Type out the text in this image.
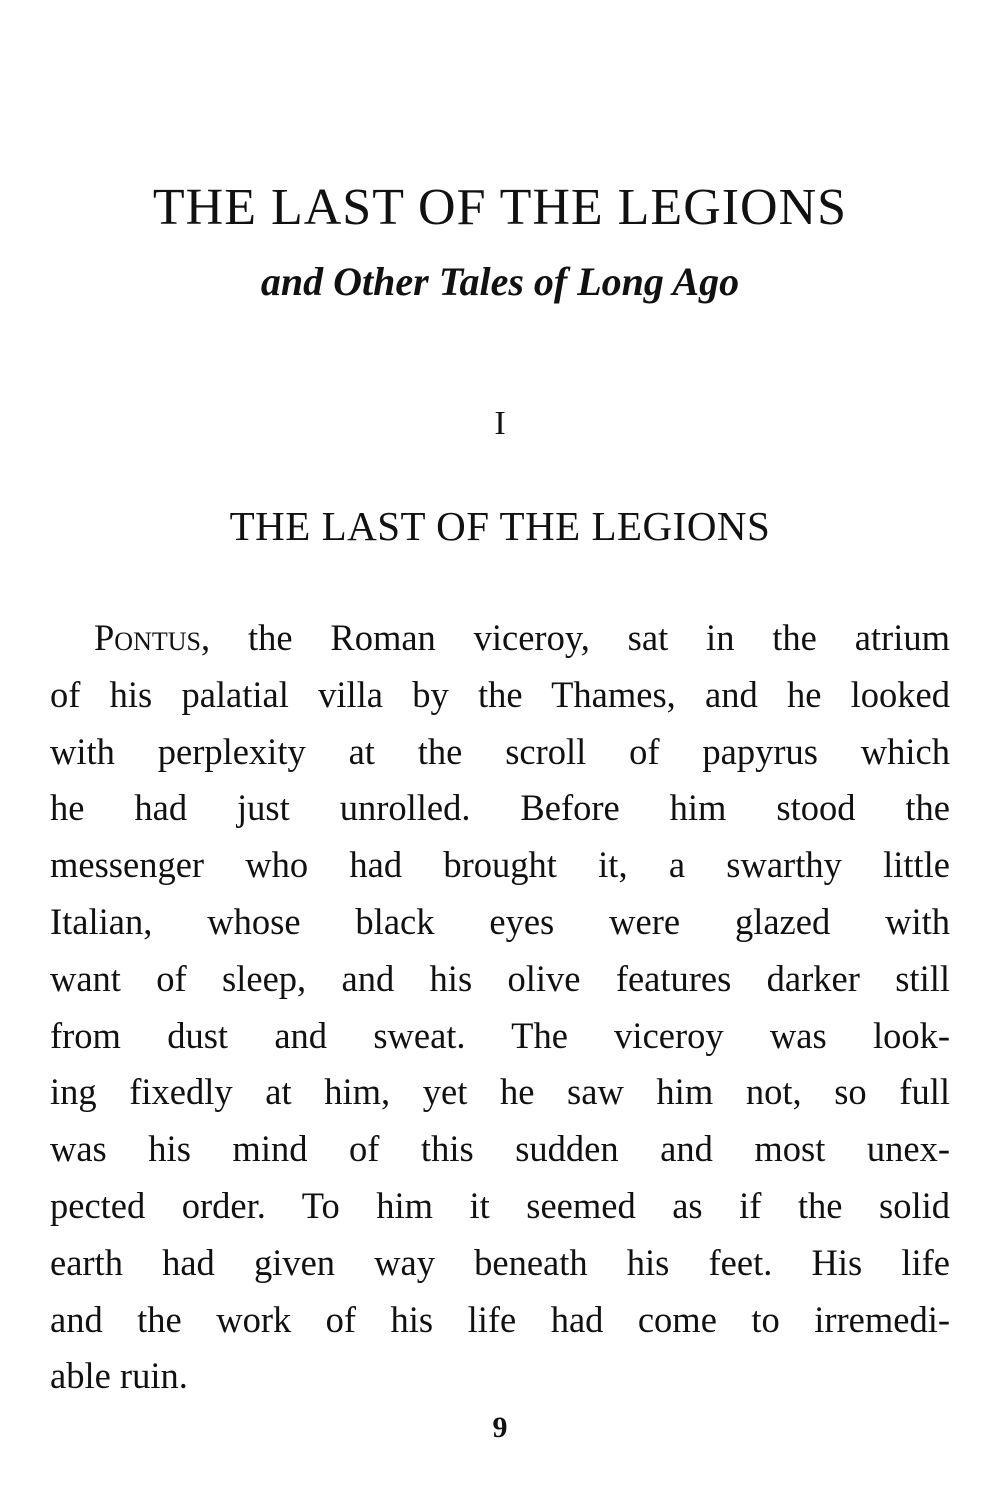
THE LAST OF THE LEGIONS
and Other Tales of Long Ago
I
THE LAST OF THE LEGIONS
Pontus, the Roman viceroy, sat in the atrium
of his palatial villa by the Thames, and he looked
with perplexity at the scroll of papyrus which
he had just unrolled. Before him stood the
messenger who had brought it, a swarthy little
Italian, whose black eyes were glazed with
want of sleep, and his olive features darker still
from dust and sweat. The viceroy was look-
ing fixedly at him, yet he saw him not, so full
was his mind of this sudden and most unex-
pected order. To him it seemed as if the solid
earth had given way beneath his feet. His life
and the work of his life had come to irremedi-
able ruin.
9
